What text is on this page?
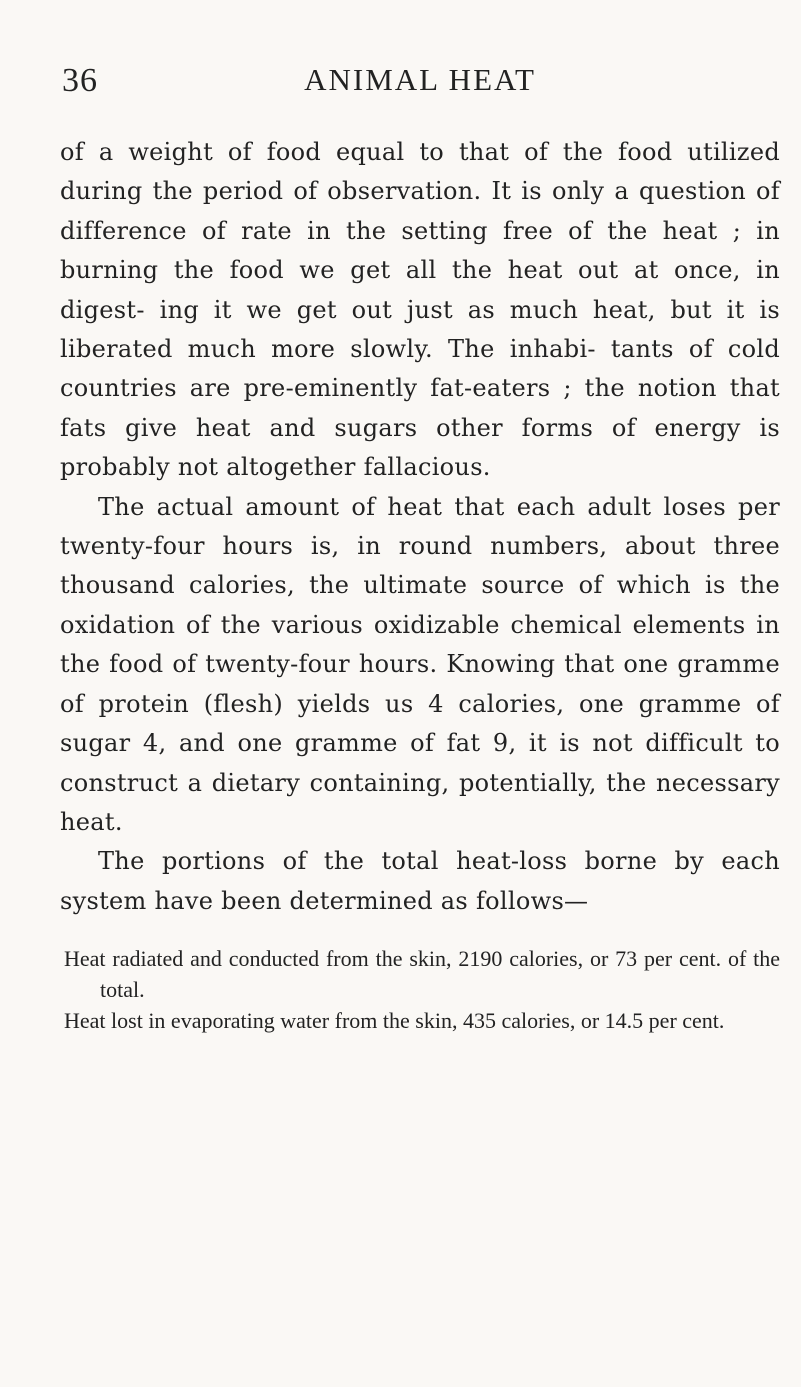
36	ANIMAL HEAT

of a weight of food equal to that of the food utilized during the period of observation. It is only a question of difference of rate in the setting free of the heat ; in burning the food we get all the heat out at once, in digest- ing it we get out just as much heat, but it is liberated much more slowly. The inhabi- tants of cold countries are pre-eminently fat-eaters ; the notion that fats give heat and sugars other forms of energy is probably not altogether fallacious.

The actual amount of heat that each adult loses per twenty-four hours is, in round numbers, about three thousand calories, the ultimate source of which is the oxidation of the various oxidizable chemical elements in the food of twenty-four hours. Knowing that one gramme of protein (flesh) yields us 4 calories, one gramme of sugar 4, and one gramme of fat 9, it is not difficult to construct a dietary containing, potentially, the necessary heat.

The portions of the total heat-loss borne by each system have been determined as follows—

Heat radiated and conducted from the skin, 2190 calories, or 73 per cent. of the total.
Heat lost in evaporating water from the skin, 435 calories, or 14.5 per cent.
